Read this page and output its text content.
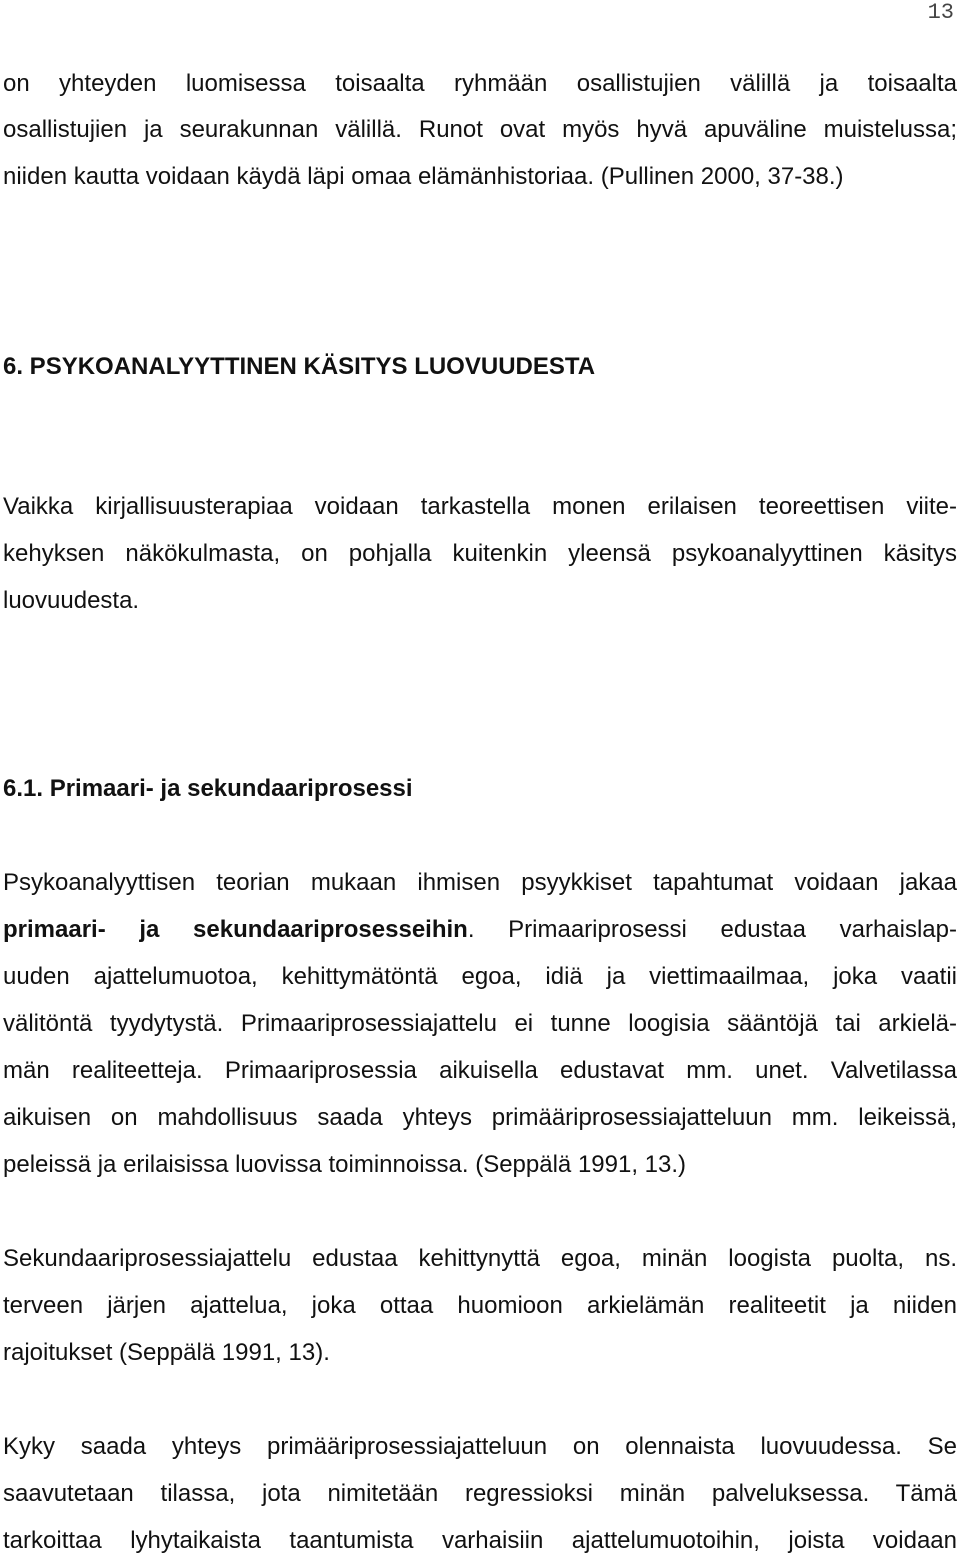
13
on yhteyden luomisessa toisaalta ryhmään osallistujien välillä ja toisaalta
osallistujien ja seurakunnan välillä. Runot ovat myös hyvä apuväline muistelussa;
niiden kautta voidaan käydä läpi omaa elämänhistoriaa. (Pullinen 2000, 37-38.)
6. PSYKOANALYYTTINEN KÄSITYS LUOVUUDESTA
Vaikka kirjallisuusterapiaa voidaan tarkastella monen erilaisen teoreettisen viite-
kehyksen näkökulmasta, on pohjalla kuitenkin yleensä psykoanalyyttinen käsitys
luovuudesta.
6.1. Primaari- ja sekundaariprosessi
Psykoanalyyttisen teorian mukaan ihmisen psyykkiset tapahtumat voidaan jakaa
primaari- ja sekundaariprosesseihin. Primaariprosessi edustaa varhaislap-
uuden ajattelumuotoa, kehittymätöntä egoa, idiä ja viettimaailmaa, joka vaatii
välitöntä tyydytystä. Primaariprosessiajattelu ei tunne loogisia sääntöjä tai arkielä-
män realiteetteja. Primaariprosessia aikuisella edustavat mm. unet. Valvetilassa
aikuisen on mahdollisuus saada yhteys primääriprosessiajatteluun mm. leikeissä,
peleissä ja erilaisissa luovissa toiminnoissa. (Seppälä 1991, 13.)
Sekundaariprosessiajattelu edustaa kehittynyttä egoa, minän loogista puolta, ns.
terveen järjen ajattelua, joka ottaa huomioon arkielämän realiteetit ja niiden
rajoitukset (Seppälä 1991, 13).
Kyky saada yhteys primääriprosessiajatteluun on olennaista luovuudessa. Se
saavutetaan tilassa, jota nimitetään regressioksi minän palveluksessa. Tämä
tarkoittaa lyhytaikaista taantumista varhaisiin ajattelumuotoihin, joista voidaan
